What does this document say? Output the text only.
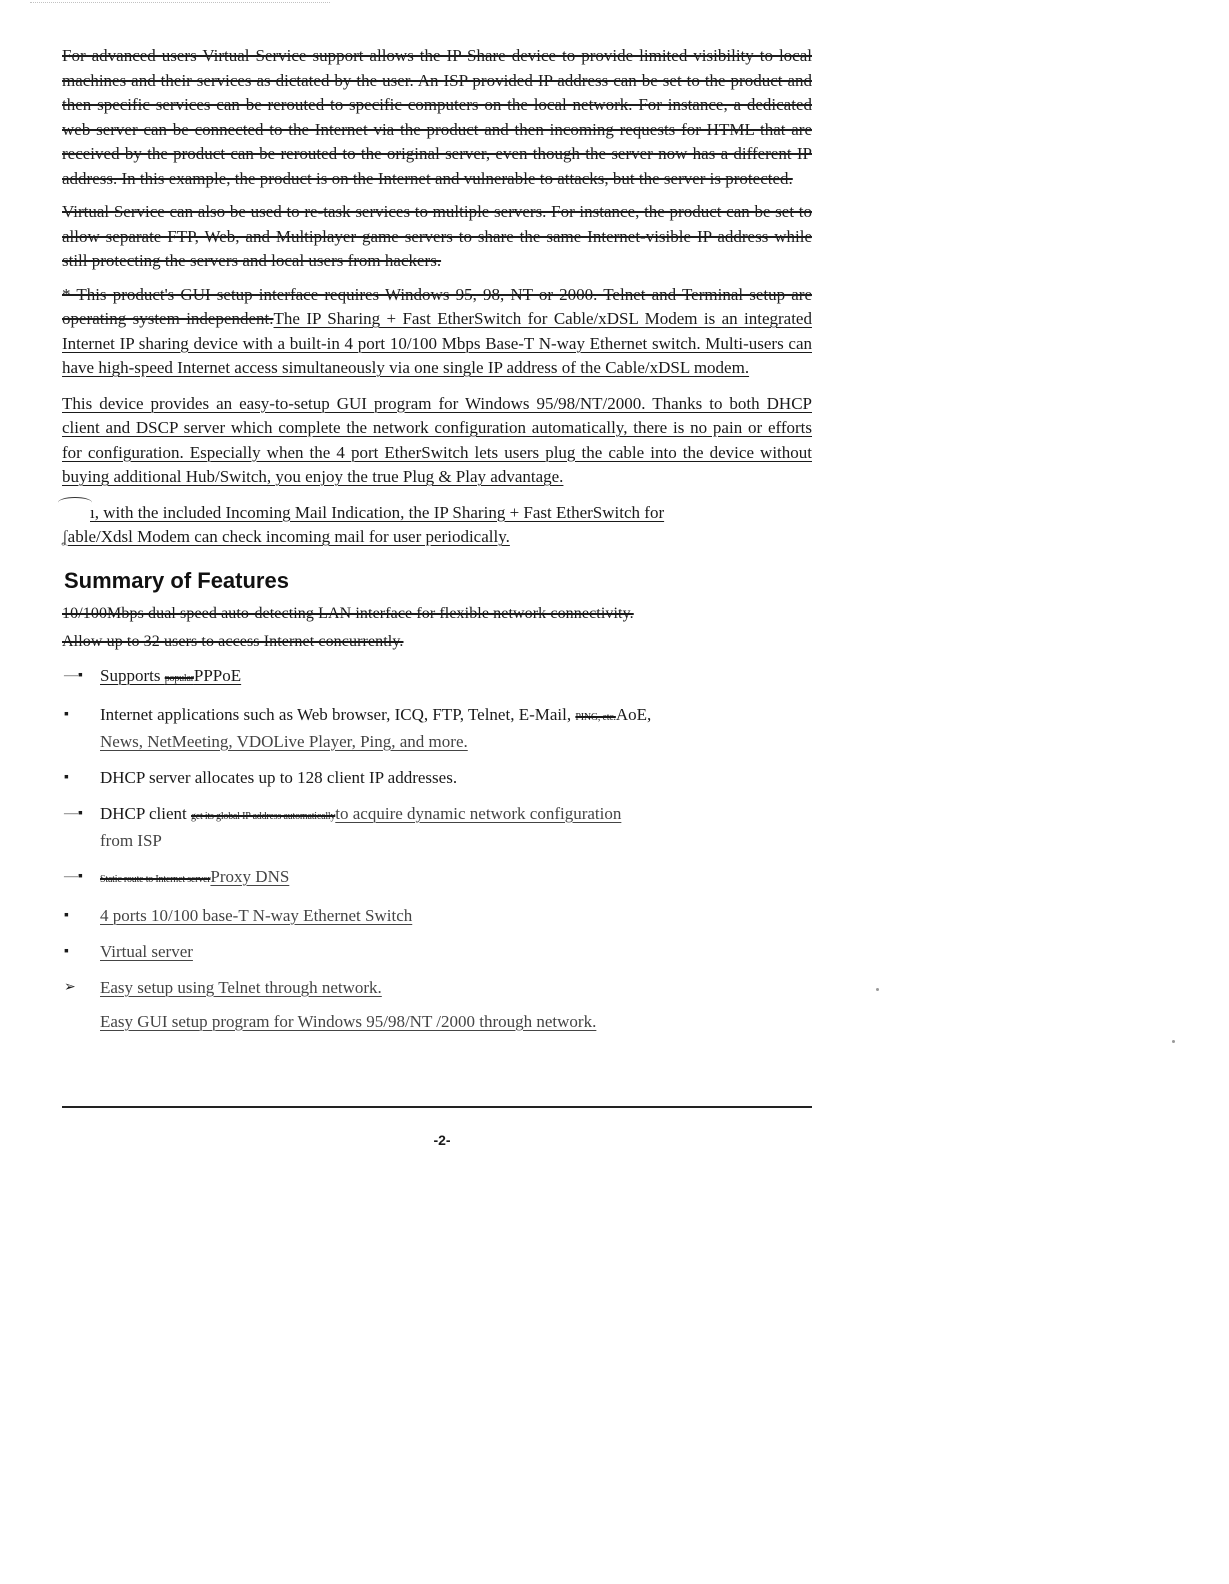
For advanced users Virtual Service support allows the IP Share device to provide limited visibility to local machines and their services as dictated by the user. An ISP provided IP address can be set to the product and then specific services can be rerouted to specific computers on the local network. For instance, a dedicated web server can be connected to the Internet via the product and then incoming requests for HTML that are received by the product can be rerouted to the original server, even though the server now has a different IP address. In this example, the product is on the Internet and vulnerable to attacks, but the server is protected.

Virtual Service can also be used to re-task services to multiple servers. For instance, the product can be set to allow separate FTP, Web, and Multiplayer game servers to share the same Internet-visible IP address while still protecting the servers and local users from hackers.

* This product's GUI setup interface requires Windows 95, 98, NT or 2000. Telnet and Terminal setup are operating system independent.The IP Sharing + Fast EtherSwitch for Cable/xDSL Modem is an integrated Internet IP sharing device with a built-in 4 port 10/100 Mbps Base-T N-way Ethernet switch. Multi-users can have high-speed Internet access simultaneously via one single IP address of the Cable/xDSL modem.

This device provides an easy-to-setup GUI program for Windows 95/98/NT/2000. Thanks to both DHCP client and DSCP server which complete the network configuration automatically, there is no pain or efforts for configuration. Especially when the 4 port EtherSwitch lets users plug the cable into the device without buying additional Hub/Switch, you enjoy the true Plug & Play advantage.

ı, with the included Incoming Mail Indication, the IP Sharing + Fast EtherSwitch for
ʆable/Xdsl Modem can check incoming mail for user periodically.

Summary of Features
10/100Mbps dual speed auto-detecting LAN interface for flexible network connectivity.
Allow up to 32 users to access Internet concurrently.
—▪	Supports popularPPPoE
▪	Internet applications such as Web browser, ICQ, FTP, Telnet, E-Mail, PING, etc.AoE,
News, NetMeeting, VDOLive Player, Ping, and more.
▪	DHCP server allocates up to 128 client IP addresses.
—▪	DHCP client get its global IP address automaticallyto acquire dynamic network configuration
from ISP
—▪	Static route to Internet serverProxy DNS
▪	4 ports 10/100 base-T N-way Ethernet Switch
▪	Virtual server
➢	Easy setup using Telnet through network.
Easy GUI setup program for Windows 95/98/NT /2000 through network.
-2-
